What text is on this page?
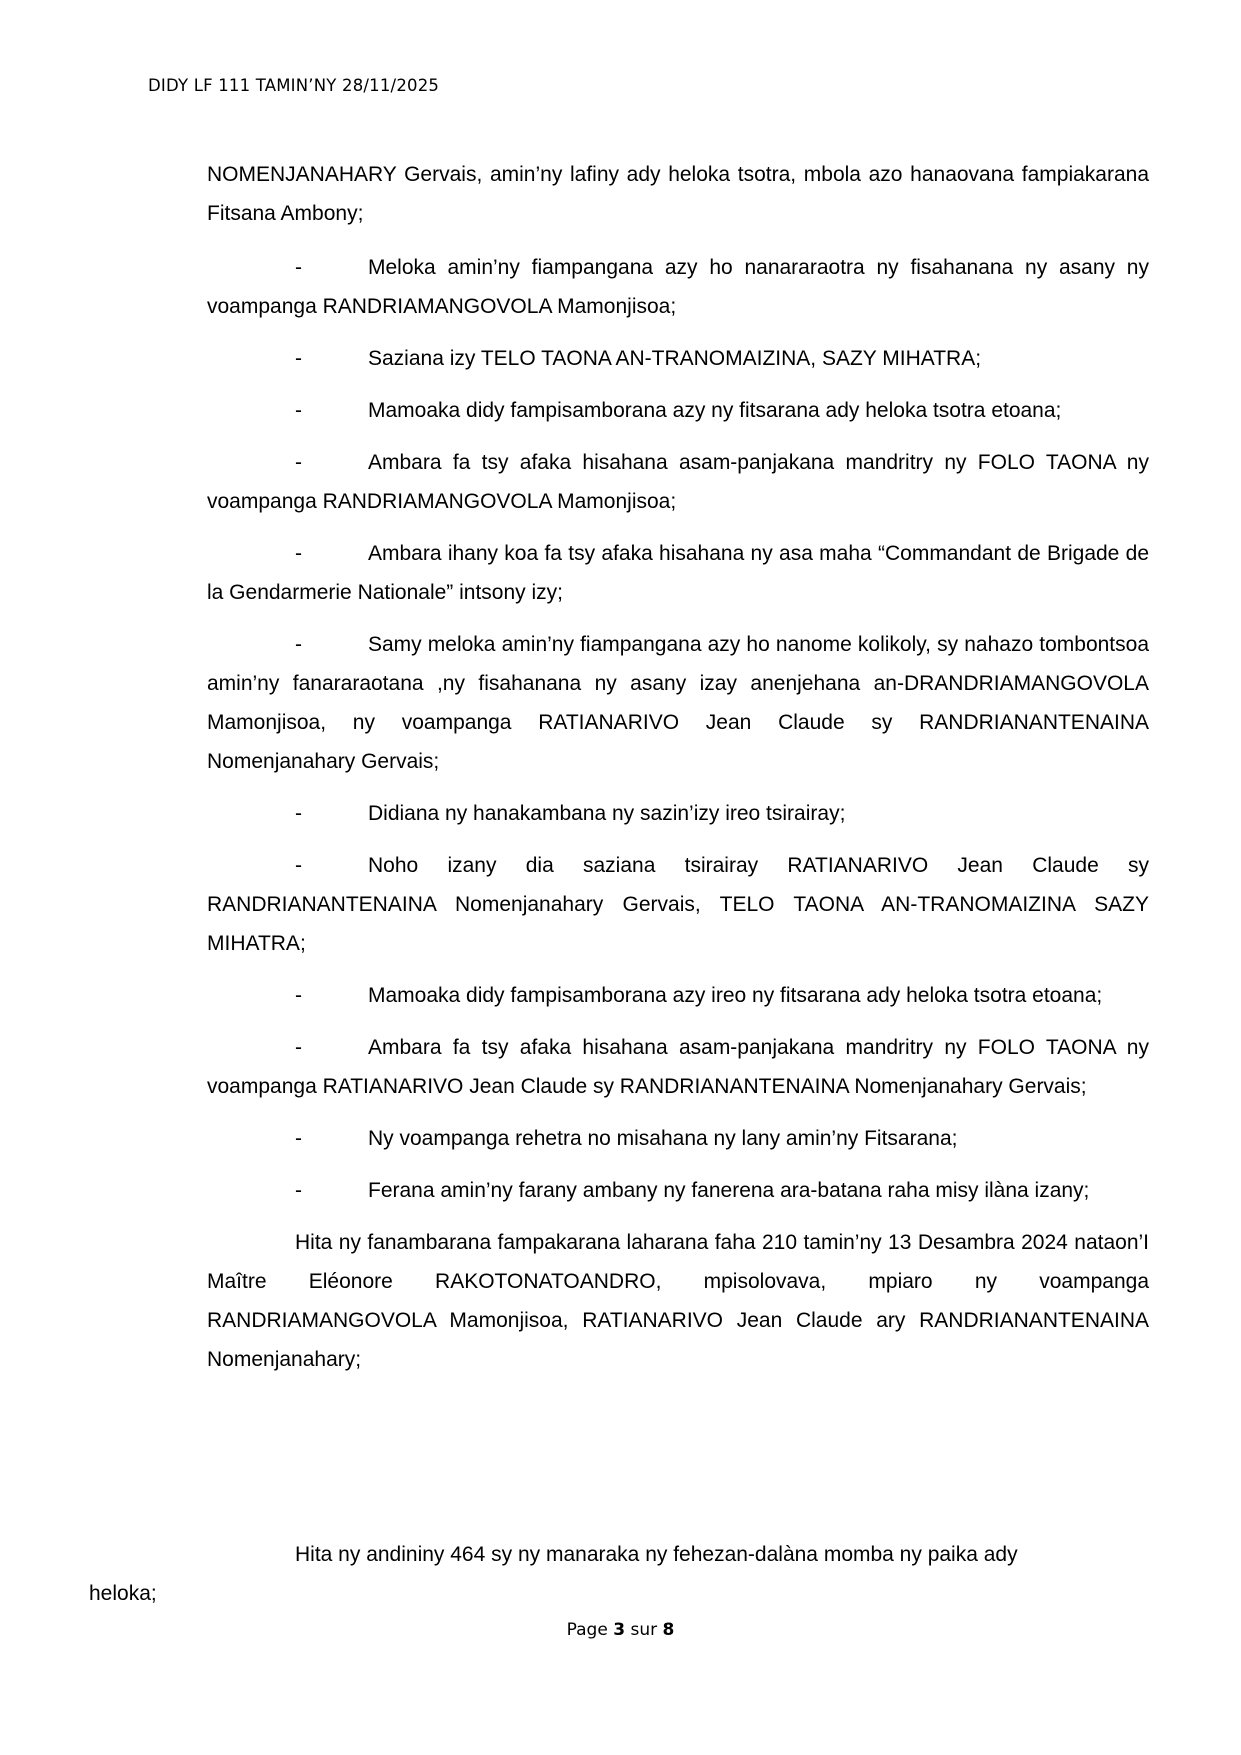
DIDY LF 111 TAMIN’NY 28/11/2025

NOMENJANAHARY Gervais, amin’ny lafiny ady heloka tsotra, mbola azo hanaovana fampiakarana Fitsana Ambony;

-	Meloka amin’ny fiampangana azy ho nanararaotra ny fisahanana ny asany ny voampanga RANDRIAMANGOVOLA Mamonjisoa;

-	Saziana izy TELO TAONA AN-TRANOMAIZINA, SAZY MIHATRA;

-	Mamoaka didy fampisamborana azy ny fitsarana ady heloka tsotra etoana;

-	Ambara fa tsy afaka hisahana asam-panjakana mandritry ny FOLO TAONA ny voampanga RANDRIAMANGOVOLA Mamonjisoa;

-	Ambara ihany koa fa tsy afaka hisahana ny asa maha “Commandant de Brigade de la Gendarmerie Nationale” intsony izy;

-	Samy meloka amin’ny fiampangana azy ho nanome kolikoly, sy nahazo tombontsoa amin’ny fanararaotana ,ny fisahanana ny asany izay anenjehana an-DRANDRIAMANGOVOLA Mamonjisoa, ny voampanga RATIANARIVO Jean Claude sy RANDRIANANTENAINA Nomenjanahary Gervais;

-	Didiana ny hanakambana ny sazin’izy ireo tsirairay;

-	Noho izany dia saziana tsirairay RATIANARIVO Jean Claude sy RANDRIANANTENAINA Nomenjanahary Gervais, TELO TAONA AN-TRANOMAIZINA SAZY MIHATRA;

-	Mamoaka didy fampisamborana azy ireo ny fitsarana ady heloka tsotra etoana;

-	Ambara fa tsy afaka hisahana asam-panjakana mandritry ny FOLO TAONA ny voampanga RATIANARIVO Jean Claude sy RANDRIANANTENAINA Nomenjanahary Gervais;

-	Ny voampanga rehetra no misahana ny lany amin’ny Fitsarana;

-	Ferana amin’ny farany ambany ny fanerena ara-batana raha misy ilàna izany;

Hita ny fanambarana fampakarana laharana faha 210 tamin’ny 13 Desambra 2024 nataon’I Maître Eléonore RAKOTONATOANDRO, mpisolovava, mpiaro ny voampanga RANDRIAMANGOVOLA Mamonjisoa, RATIANARIVO Jean Claude ary RANDRIANANTENAINA Nomenjanahary;

Hita ny andininy 464 sy ny manaraka ny fehezan-dalàna momba ny paika ady
heloka;
Page 3 sur 8
